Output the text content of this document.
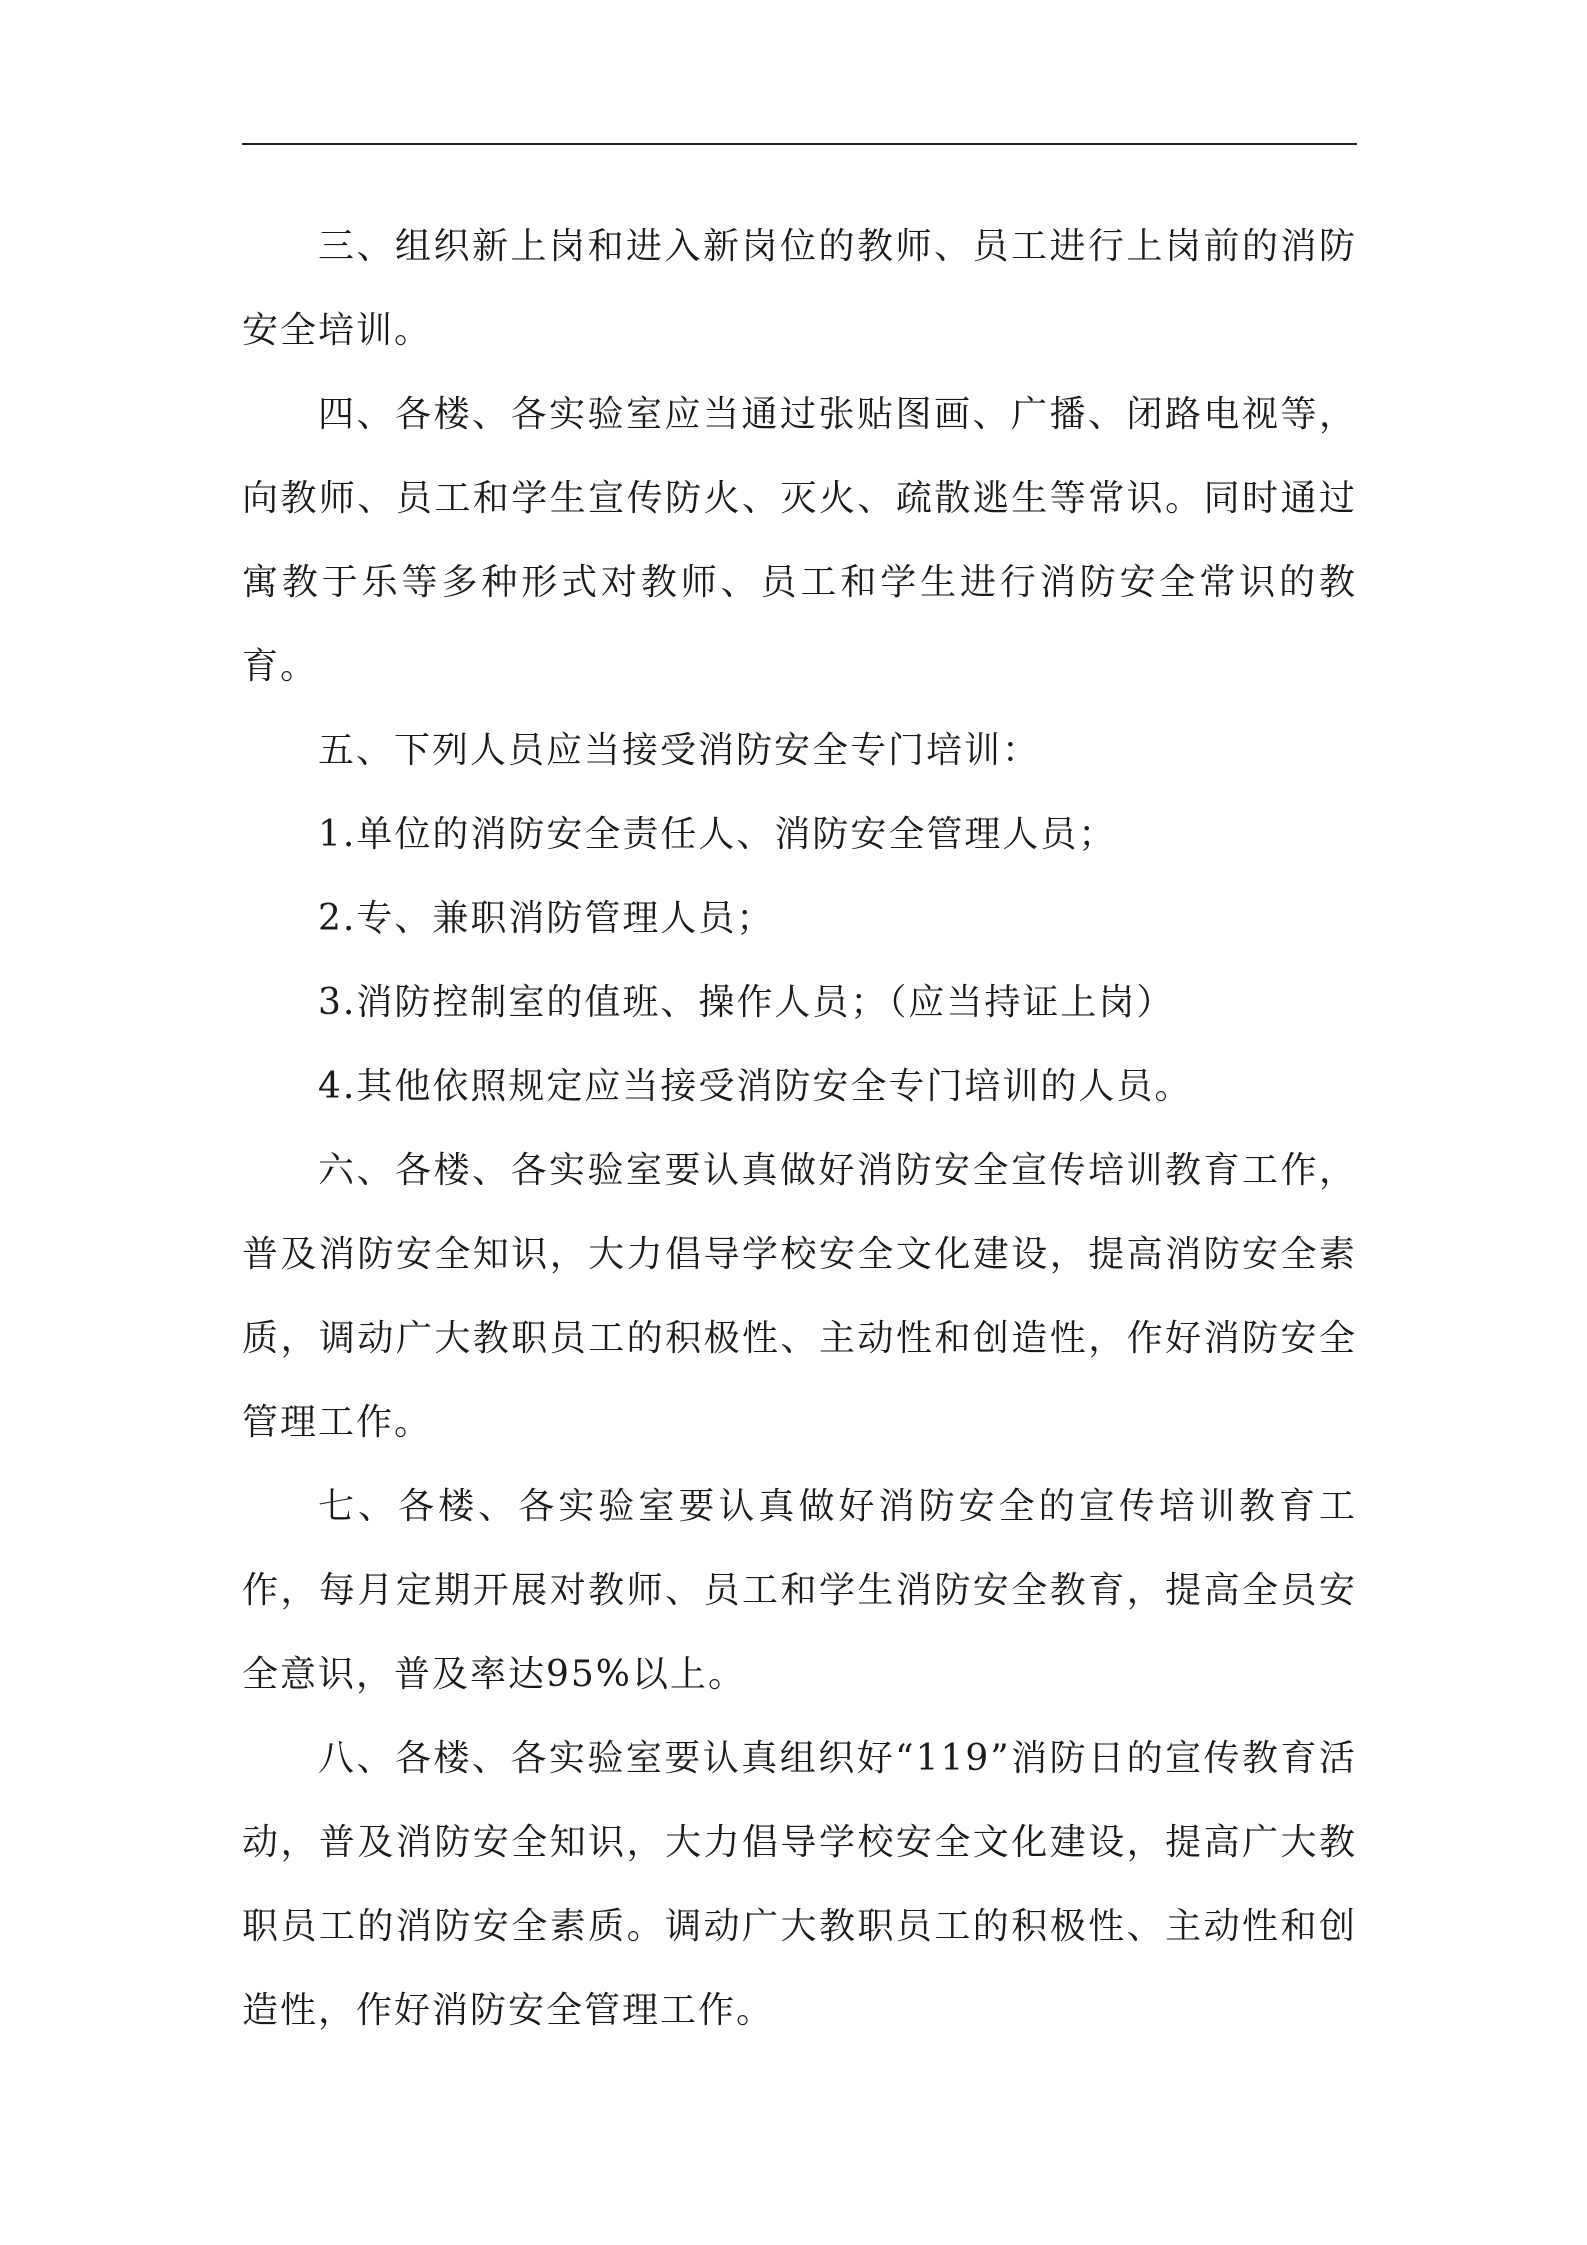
三、组织新上岗和进入新岗位的教师、员工进行上岗前的消防安全培训。

四、各楼、各实验室应当通过张贴图画、广播、闭路电视等，向教师、员工和学生宣传防火、灭火、疏散逃生等常识。同时通过寓教于乐等多种形式对教师、员工和学生进行消防安全常识的教育。

五、下列人员应当接受消防安全专门培训：

1.单位的消防安全责任人、消防安全管理人员；

2.专、兼职消防管理人员；

3.消防控制室的值班、操作人员；（应当持证上岗）

4.其他依照规定应当接受消防安全专门培训的人员。

六、各楼、各实验室要认真做好消防安全宣传培训教育工作，普及消防安全知识，大力倡导学校安全文化建设，提高消防安全素质，调动广大教职员工的积极性、主动性和创造性，作好消防安全管理工作。

七、各楼、各实验室要认真做好消防安全的宣传培训教育工作，每月定期开展对教师、员工和学生消防安全教育，提高全员安全意识，普及率达95%以上。

八、各楼、各实验室要认真组织好“119”消防日的宣传教育活动，普及消防安全知识，大力倡导学校安全文化建设，提高广大教职员工的消防安全素质。调动广大教职员工的积极性、主动性和创造性，作好消防安全管理工作。
